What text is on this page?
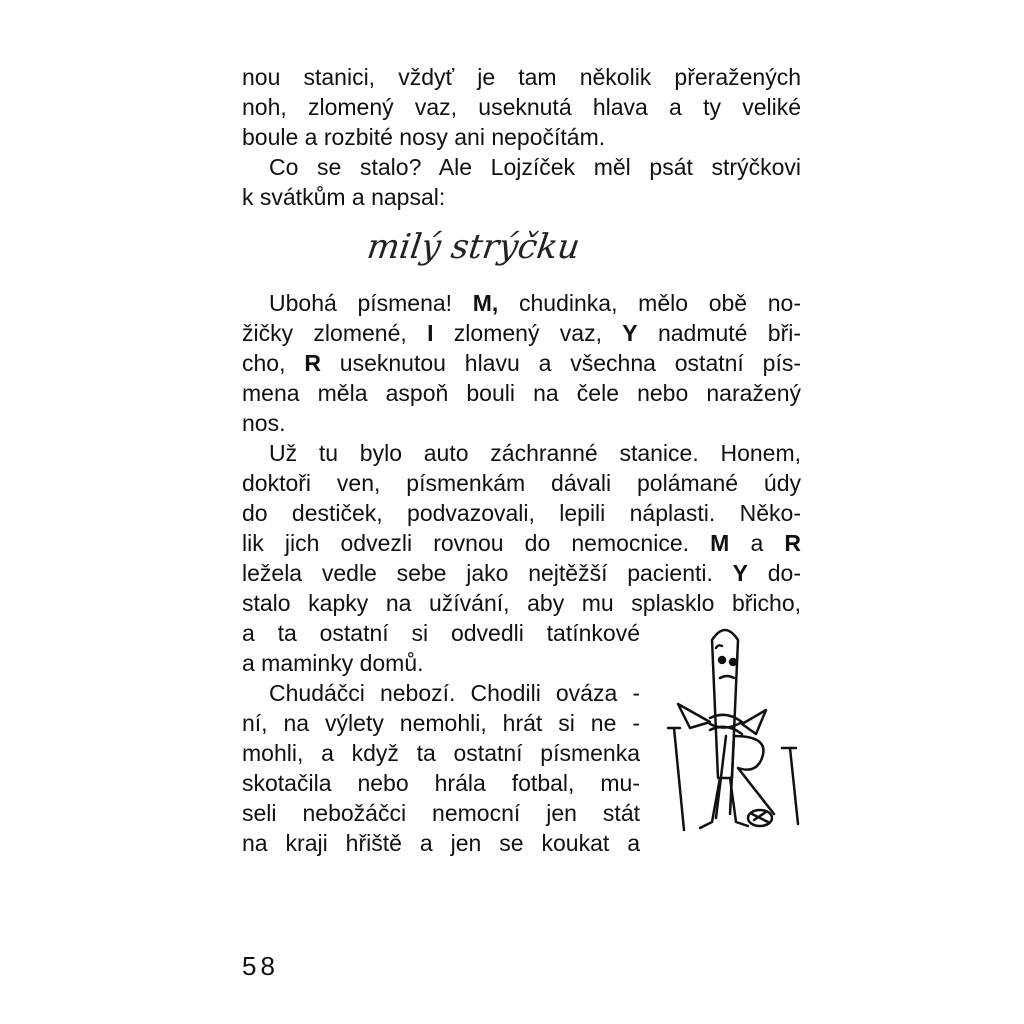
nou stanici, vždyť je tam několik přeražených
noh, zlomený vaz, useknutá hlava a ty veliké
boule a rozbité nosy ani nepočítám.
Co se stalo? Ale Lojzíček měl psát strýčkovi
k svátkům a napsal:
milý strýčku
Ubohá písmena! M, chudinka, mělo obě no-
žičky zlomené, I zlomený vaz, Y nadmuté bři-
cho, R useknutou hlavu a všechna ostatní pís-
mena měla aspoň bouli na čele nebo naražený
nos.
Už tu bylo auto záchranné stanice. Honem,
doktoři ven, písmenkám dávali polámané údy
do destiček, podvazovali, lepili náplasti. Něko-
lik jich odvezli rovnou do nemocnice. M a R
ležela vedle sebe jako nejtěžší pacienti. Y do-
stalo kapky na užívání, aby mu splasklo břicho,
a ta ostatní si odvedli tatínkové
a maminky domů.
Chudáčci nebozí. Chodili ováza -
ní, na výlety nemohli, hrát si ne -
mohli, a když ta ostatní písmenka
skotačila nebo hrála fotbal, mu-
seli nebožáčci nemocní jen stát
na kraji hřiště a jen se koukat a
58
